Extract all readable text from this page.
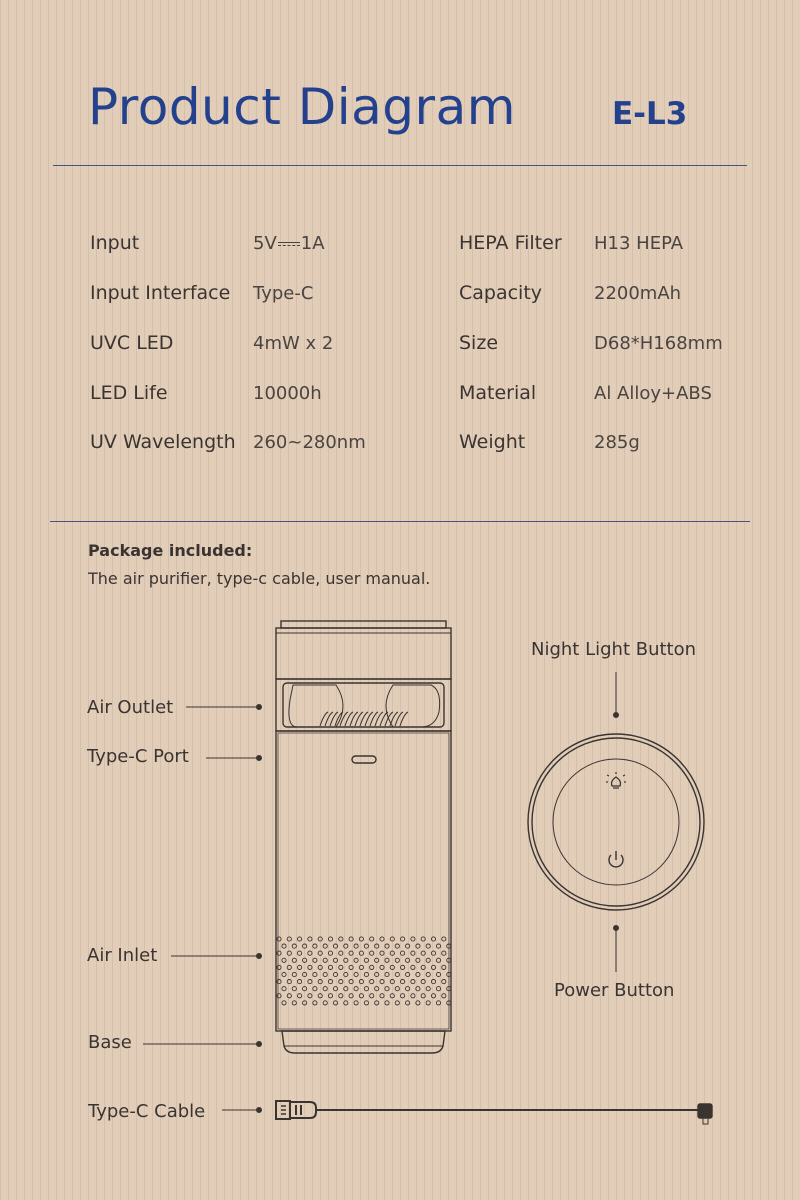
Product Diagram	E-L3
Input	5V 1A
Input Interface Type-C
UVC LED	4mW x 2
LED Life	10000h
UV Wavelength 260~280nm
HEPA Filter H13 HEPA
Capacity	2200mAh
Size	D68*H168mm
Material	Al Alloy+ABS
Weight	285g
Package included:
The air purifier, type-c cable, user manual.
Air Outlet
Type-C Port
Air Inlet
Base
Type-C Cable
Night Light Button
Power Button
